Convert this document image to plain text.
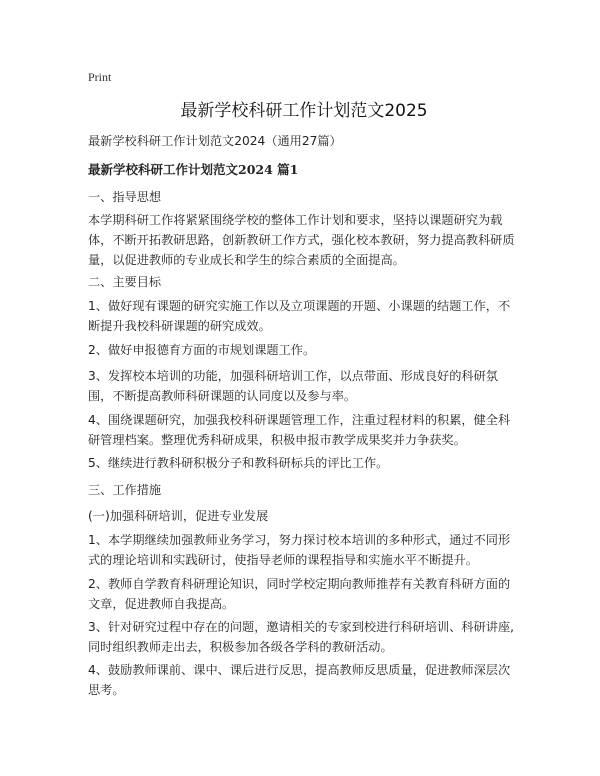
Print
最新学校科研工作计划范文2025

最新学校科研工作计划范文2024（通用27篇）

最新学校科研工作计划范文2024 篇1

一、指导思想

本学期科研工作将紧紧围绕学校的整体工作计划和要求，坚持以课题研究为载体，不断开拓教研思路，创新教研工作方式，强化校本教研，努力提高教科研质量，以促进教师的专业成长和学生的综合素质的全面提高。

二、主要目标

1、做好现有课题的研究实施工作以及立项课题的开题、小课题的结题工作，不断提升我校科研课题的研究成效。

2、做好申报德育方面的市规划课题工作。

3、发挥校本培训的功能，加强科研培训工作，以点带面、形成良好的科研氛围，不断提高教师科研课题的认同度以及参与率。

4、围绕课题研究，加强我校科研课题管理工作，注重过程材料的积累，健全科研管理档案。整理优秀科研成果，积极申报市教学成果奖并力争获奖。

5、继续进行教科研积极分子和教科研标兵的评比工作。

三、工作措施

(一)加强科研培训，促进专业发展

1、本学期继续加强教师业务学习，努力探讨校本培训的多种形式，通过不同形式的理论培训和实践研讨，使指导老师的课程指导和实施水平不断提升。

2、教师自学教育科研理论知识，同时学校定期向教师推荐有关教育科研方面的文章，促进教师自我提高。

3、针对研究过程中存在的问题，邀请相关的专家到校进行科研培训、科研讲座,同时组织教师走出去，积极参加各级各学科的教研活动。

4、鼓励教师课前、课中、课后进行反思，提高教师反思质量，促进教师深层次思考。
